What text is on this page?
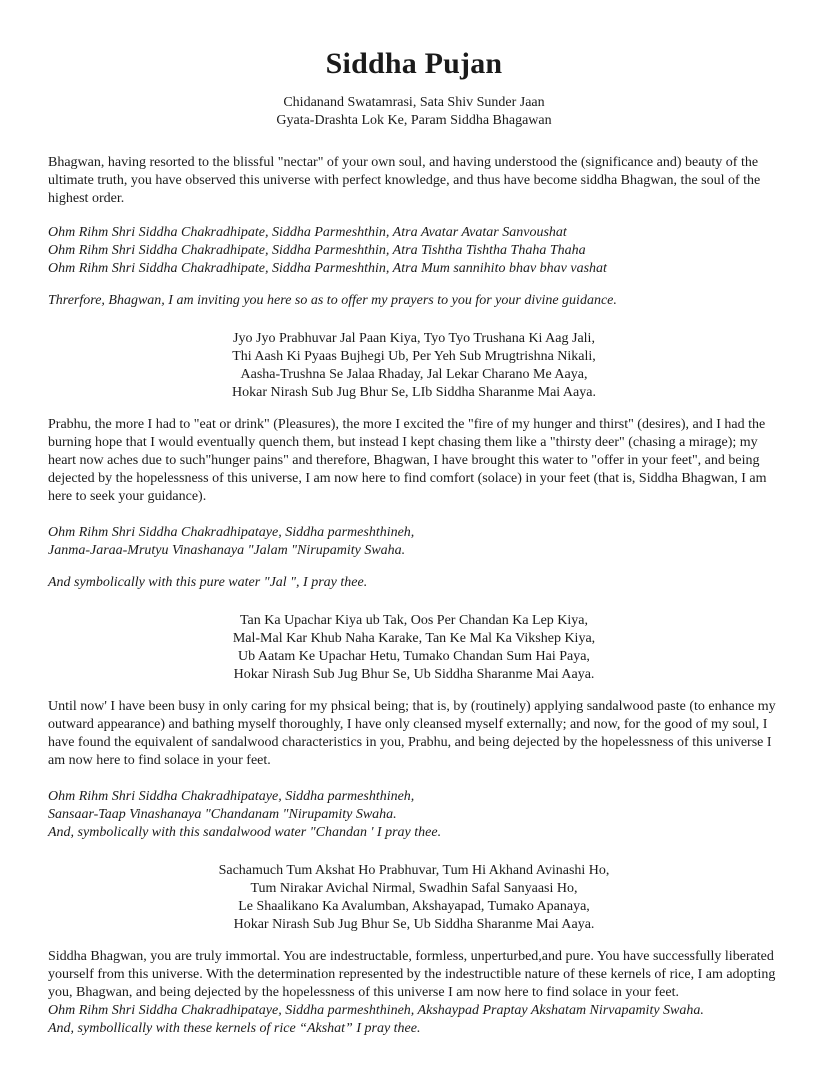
Siddha Pujan
Chidanand Swatamrasi, Sata Shiv Sunder Jaan
Gyata-Drashta Lok Ke, Param Siddha Bhagawan

Bhagwan, having resorted to the blissful "nectar" of your own soul, and having understood the (significance and) beauty of the ultimate truth, you have observed this universe with perfect knowledge, and thus have become siddha Bhagwan, the soul of the highest order.

Ohm Rihm Shri Siddha Chakradhipate, Siddha Parmeshthin, Atra Avatar Avatar Sanvoushat
Ohm Rihm Shri Siddha Chakradhipate, Siddha Parmeshthin, Atra Tishtha Tishtha Thaha Thaha
Ohm Rihm Shri Siddha Chakradhipate, Siddha Parmeshthin, Atra Mum sannihito bhav bhav vashat

Threrfore, Bhagwan, I am inviting you here so as to offer my prayers to you for your divine guidance.

Jyo Jyo Prabhuvar Jal Paan Kiya, Tyo Tyo Trushana Ki Aag Jali,
Thi Aash Ki Pyaas Bujhegi Ub, Per Yeh Sub Mrugtrishna Nikali,
Aasha-Trushna Se Jalaa Rhaday, Jal Lekar Charano Me Aaya,
Hokar Nirash Sub Jug Bhur Se, LIb Siddha Sharanme Mai Aaya.

Prabhu, the more I had to "eat or drink" (Pleasures), the more I excited the "fire of my hunger and thirst" (desires), and I had the burning hope that I would eventually quench them, but instead I kept chasing them like a "thirsty deer" (chasing a mirage); my heart now aches due to such"hunger pains" and therefore, Bhagwan, I have brought this water to "offer in your feet", and being dejected by the hopelessness of this universe, I am now here to find comfort (solace) in your feet (that is, Siddha Bhagwan, I am here to seek your guidance).

Ohm Rihm Shri Siddha Chakradhipataye, Siddha parmeshthineh,
Janma-Jaraa-Mrutyu Vinashanaya "Jalam "Nirupamity Swaha.

And symbolically with this pure water "Jal ", I pray thee.

Tan Ka Upachar Kiya ub Tak, Oos Per Chandan Ka Lep Kiya,
Mal-Mal Kar Khub Naha Karake, Tan Ke Mal Ka Vikshep Kiya,
Ub Aatam Ke Upachar Hetu, Tumako Chandan Sum Hai Paya,
Hokar Nirash Sub Jug Bhur Se, Ub Siddha Sharanme Mai Aaya.

Until now' I have been busy in only caring for my phsical being; that is, by (routinely) applying sandalwood paste (to enhance my outward appearance) and bathing myself thoroughly, I have only cleansed myself externally; and now, for the good of my soul, I have found the equivalent of sandalwood characteristics in you, Prabhu, and being dejected by the hopelessness of this universe I am now here to find solace in your feet.

Ohm Rihm Shri Siddha Chakradhipataye, Siddha parmeshthineh,
Sansaar-Taap Vinashanaya "Chandanam "Nirupamity Swaha.
And, symbolically with this sandalwood water "Chandan ' I pray thee.
Sachamuch Tum Akshat Ho Prabhuvar, Tum Hi Akhand Avinashi Ho,
Tum Nirakar Avichal Nirmal, Swadhin Safal Sanyaasi Ho,
Le Shaalikano Ka Avalumban, Akshayapad, Tumako Apanaya,
Hokar Nirash Sub Jug Bhur Se, Ub Siddha Sharanme Mai Aaya.

Siddha Bhagwan, you are truly immortal. You are indestructable, formless, unperturbed,and pure. You have successfully liberated yourself from this universe. With the determination represented by the indestructible nature of these kernels of rice, I am adopting you, Bhagwan, and being dejected by the hopelessness of this universe I am now here to find solace in your feet.

Ohm Rihm Shri Siddha Chakradhipataye, Siddha parmeshthineh, Akshaypad Praptay Akshatam Nirvapamity Swaha.
And, symbollically with these kernels of rice “Akshat” I pray thee.
